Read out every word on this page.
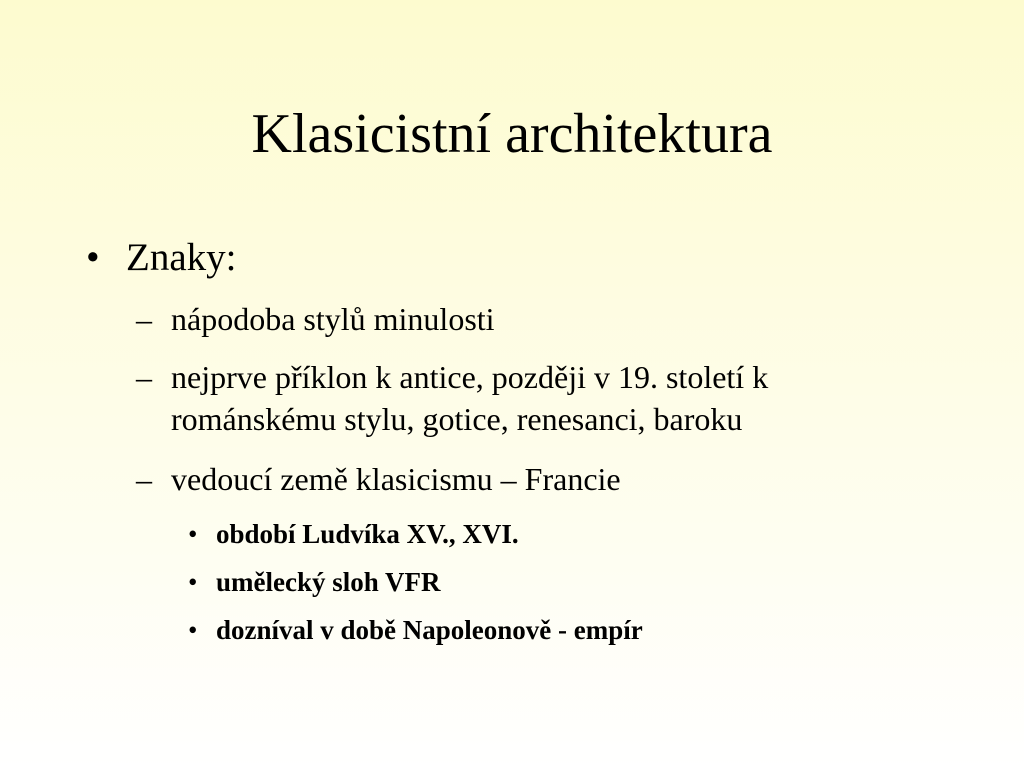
Klasicistní architektura
• Znaky:
– nápodoba stylů minulosti
– nejprve příklon k antice, později v 19. století k románskému stylu, gotice, renesanci, baroku
– vedoucí země klasicismu – Francie
• období Ludvíka XV., XVI.
• umělecký sloh VFR
• dozníval v době Napoleonově - empír
